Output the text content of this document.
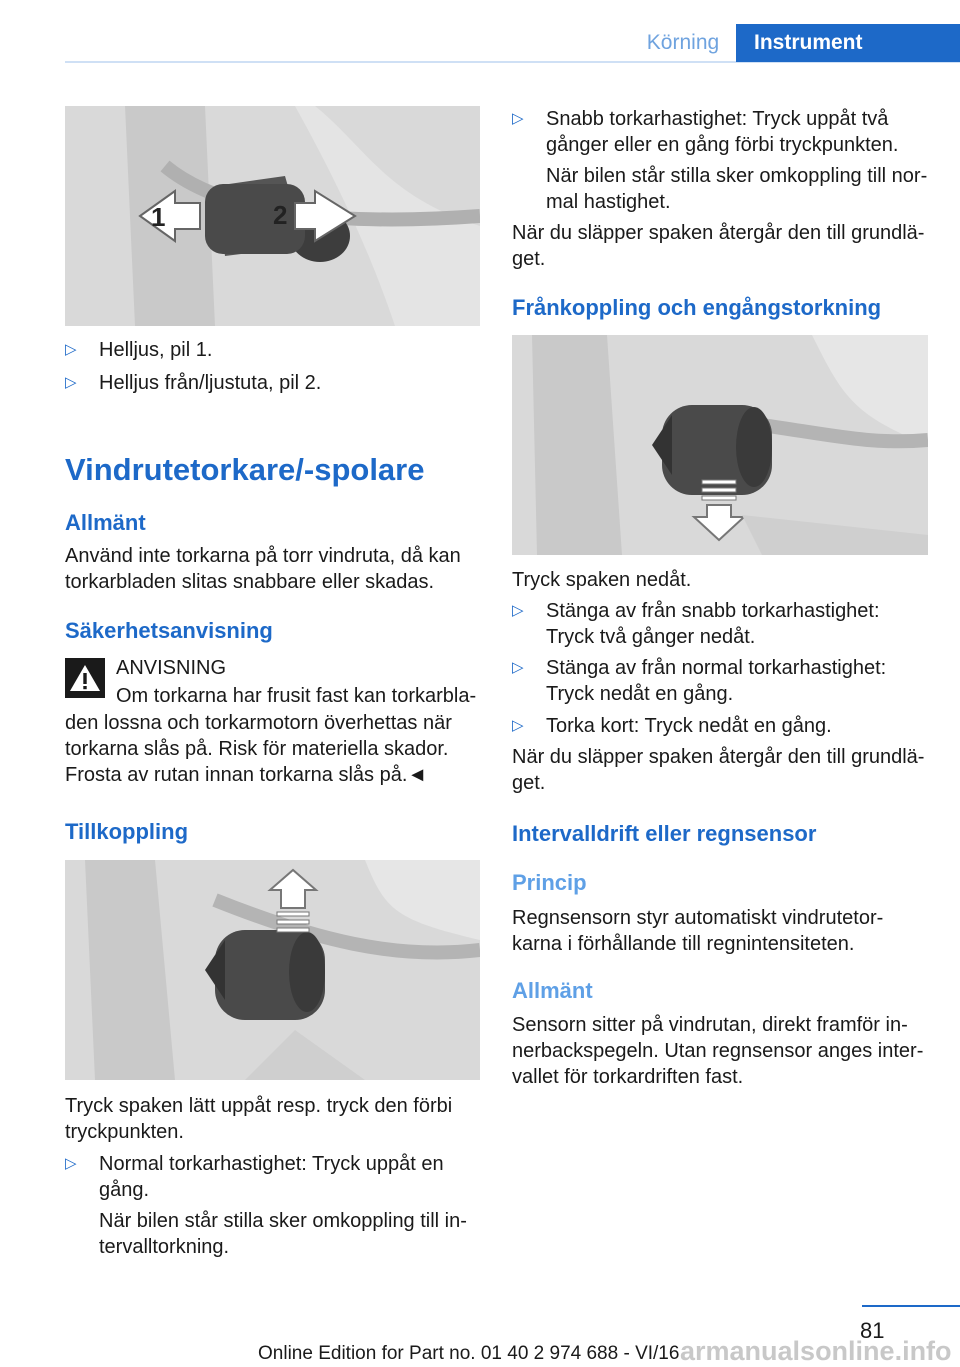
Körning	Instrument
1	2
▷ Helljus, pil 1.
▷ Helljus från/ljustuta, pil 2.
Vindrutetorkare/-spolare
Allmänt

Använd inte torkarna på torr vindruta, då kan

torkarbladen slitas snabbare eller skadas.

Säkerhetsanvisning

ANVISNING

Om torkarna har frusit fast kan torkarbla-

den lossna och torkarmotorn överhettas när

torkarna slås på. Risk för materiella skador.

Frosta av rutan innan torkarna slås på.◄

Tillkoppling

Tryck spaken lätt uppåt resp. tryck den förbi

tryckpunkten.

▷ Normal torkarhastighet: Tryck uppåt en

gång.

När bilen står stilla sker omkoppling till in-

tervalltorkning.

▷ Snabb torkarhastighet: Tryck uppåt två

gånger eller en gång förbi tryckpunkten.

När bilen står stilla sker omkoppling till nor-

mal hastighet.

När du släpper spaken återgår den till grundlä-

get.

Frånkoppling och engångstorkning

Tryck spaken nedåt.

▷ Stänga av från snabb torkarhastighet:

Tryck två gånger nedåt.

▷ Stänga av från normal torkarhastighet:

Tryck nedåt en gång.

▷ Torka kort: Tryck nedåt en gång.

När du släpper spaken återgår den till grundlä-

get.

Intervalldrift eller regnsensor
Princip

Regnsensorn styr automatiskt vindrutetor-

karna i förhållande till regnintensiteten.

Allmänt

Sensorn sitter på vindrutan, direkt framför in-

nerbackspegeln. Utan regnsensor anges inter-

vallet för torkardriften fast.

81
Online Edition for Part no. 01 40 2 974 688 - VI/16 armanualsonline.info
